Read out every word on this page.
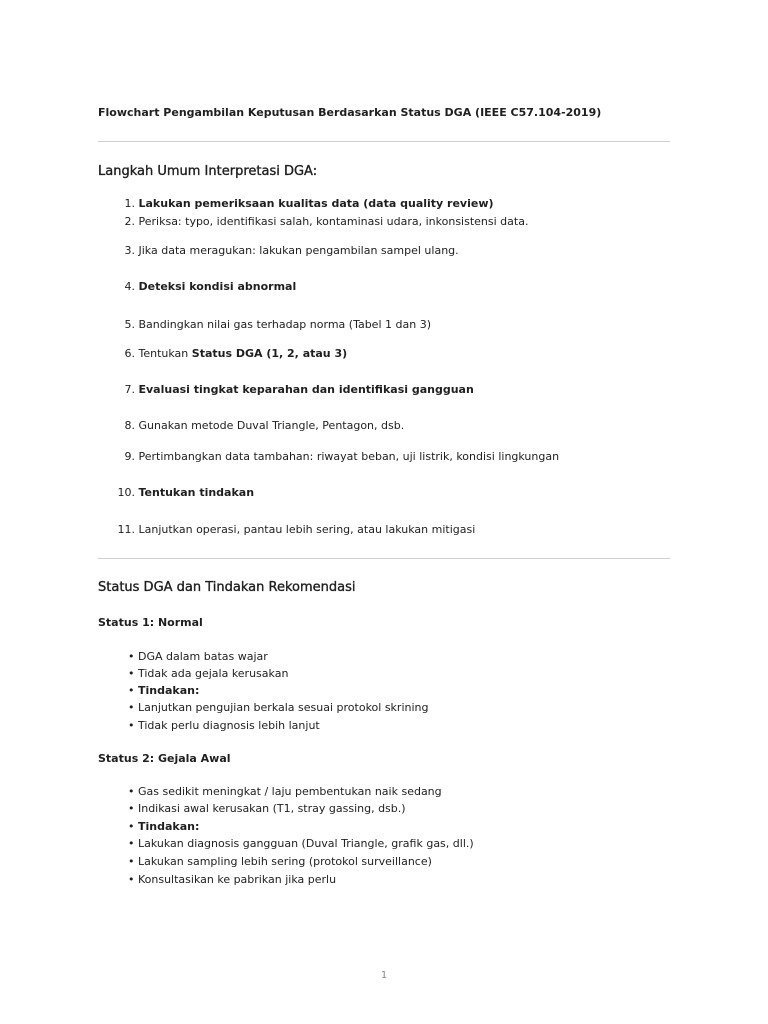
Flowchart Pengambilan Keputusan Berdasarkan Status DGA (IEEE C57.104-2019)
Langkah Umum Interpretasi DGA:
1. Lakukan pemeriksaan kualitas data (data quality review)
2. Periksa: typo, identifikasi salah, kontaminasi udara, inkonsistensi data.
3. Jika data meragukan: lakukan pengambilan sampel ulang.
4. Deteksi kondisi abnormal
5. Bandingkan nilai gas terhadap norma (Tabel 1 dan 3)
6. Tentukan Status DGA (1, 2, atau 3)
7. Evaluasi tingkat keparahan dan identifikasi gangguan
8. Gunakan metode Duval Triangle, Pentagon, dsb.
9. Pertimbangkan data tambahan: riwayat beban, uji listrik, kondisi lingkungan
10. Tentukan tindakan
11. Lanjutkan operasi, pantau lebih sering, atau lakukan mitigasi
Status DGA dan Tindakan Rekomendasi
Status 1: Normal
• DGA dalam batas wajar
• Tidak ada gejala kerusakan
• Tindakan:
• Lanjutkan pengujian berkala sesuai protokol skrining
• Tidak perlu diagnosis lebih lanjut
Status 2: Gejala Awal
• Gas sedikit meningkat / laju pembentukan naik sedang
• Indikasi awal kerusakan (T1, stray gassing, dsb.)
• Tindakan:
• Lakukan diagnosis gangguan (Duval Triangle, grafik gas, dll.)
• Lakukan sampling lebih sering (protokol surveillance)
• Konsultasikan ke pabrikan jika perlu
1
